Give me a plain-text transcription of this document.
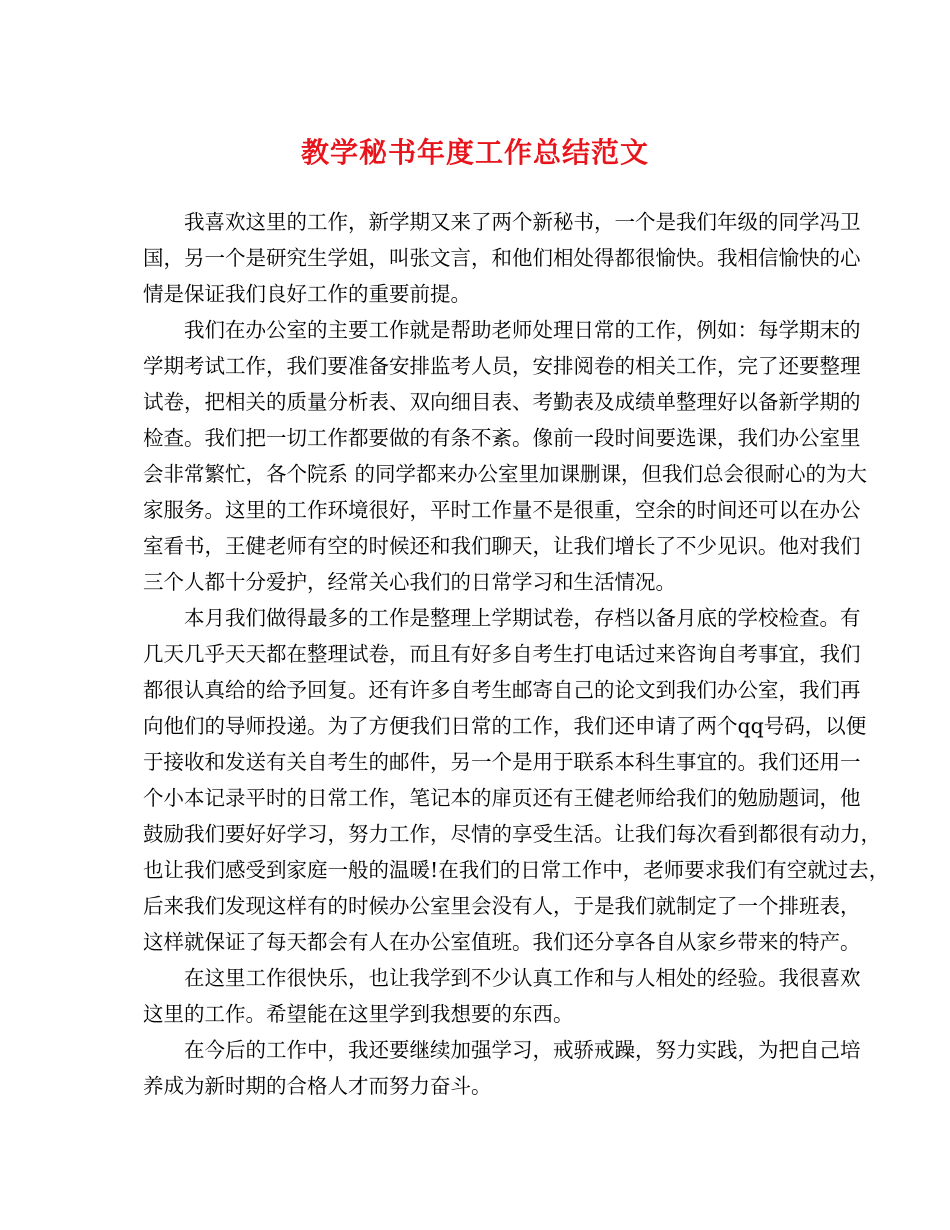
教学秘书年度工作总结范文
我喜欢这里的工作，新学期又来了两个新秘书，一个是我们年级的同学冯卫
国，另一个是研究生学姐，叫张文言，和他们相处得都很愉快。我相信愉快的心
情是保证我们良好工作的重要前提。
我们在办公室的主要工作就是帮助老师处理日常的工作，例如：每学期末的
学期考试工作，我们要准备安排监考人员，安排阅卷的相关工作，完了还要整理
试卷，把相关的质量分析表、双向细目表、考勤表及成绩单整理好以备新学期的
检查。我们把一切工作都要做的有条不紊。像前一段时间要选课，我们办公室里
会非常繁忙，各个院系 的同学都来办公室里加课删课，但我们总会很耐心的为大
家服务。这里的工作环境很好，平时工作量不是很重，空余的时间还可以在办公
室看书，王健老师有空的时候还和我们聊天，让我们增长了不少见识。他对我们
三个人都十分爱护，经常关心我们的日常学习和生活情况。
本月我们做得最多的工作是整理上学期试卷，存档以备月底的学校检查。有
几天几乎天天都在整理试卷，而且有好多自考生打电话过来咨询自考事宜，我们
都很认真给的给予回复。还有许多自考生邮寄自己的论文到我们办公室，我们再
向他们的导师投递。为了方便我们日常的工作，我们还申请了两个qq号码，以便
于接收和发送有关自考生的邮件，另一个是用于联系本科生事宜的。我们还用一
个小本记录平时的日常工作，笔记本的扉页还有王健老师给我们的勉励题词，他
鼓励我们要好好学习，努力工作，尽情的享受生活。让我们每次看到都很有动力，
也让我们感受到家庭一般的温暖!在我们的日常工作中，老师要求我们有空就过去，
后来我们发现这样有的时候办公室里会没有人，于是我们就制定了一个排班表，
这样就保证了每天都会有人在办公室值班。我们还分享各自从家乡带来的特产。
在这里工作很快乐，也让我学到不少认真工作和与人相处的经验。我很喜欢
这里的工作。希望能在这里学到我想要的东西。
在今后的工作中，我还要继续加强学习，戒骄戒躁，努力实践，为把自己培
养成为新时期的合格人才而努力奋斗。
